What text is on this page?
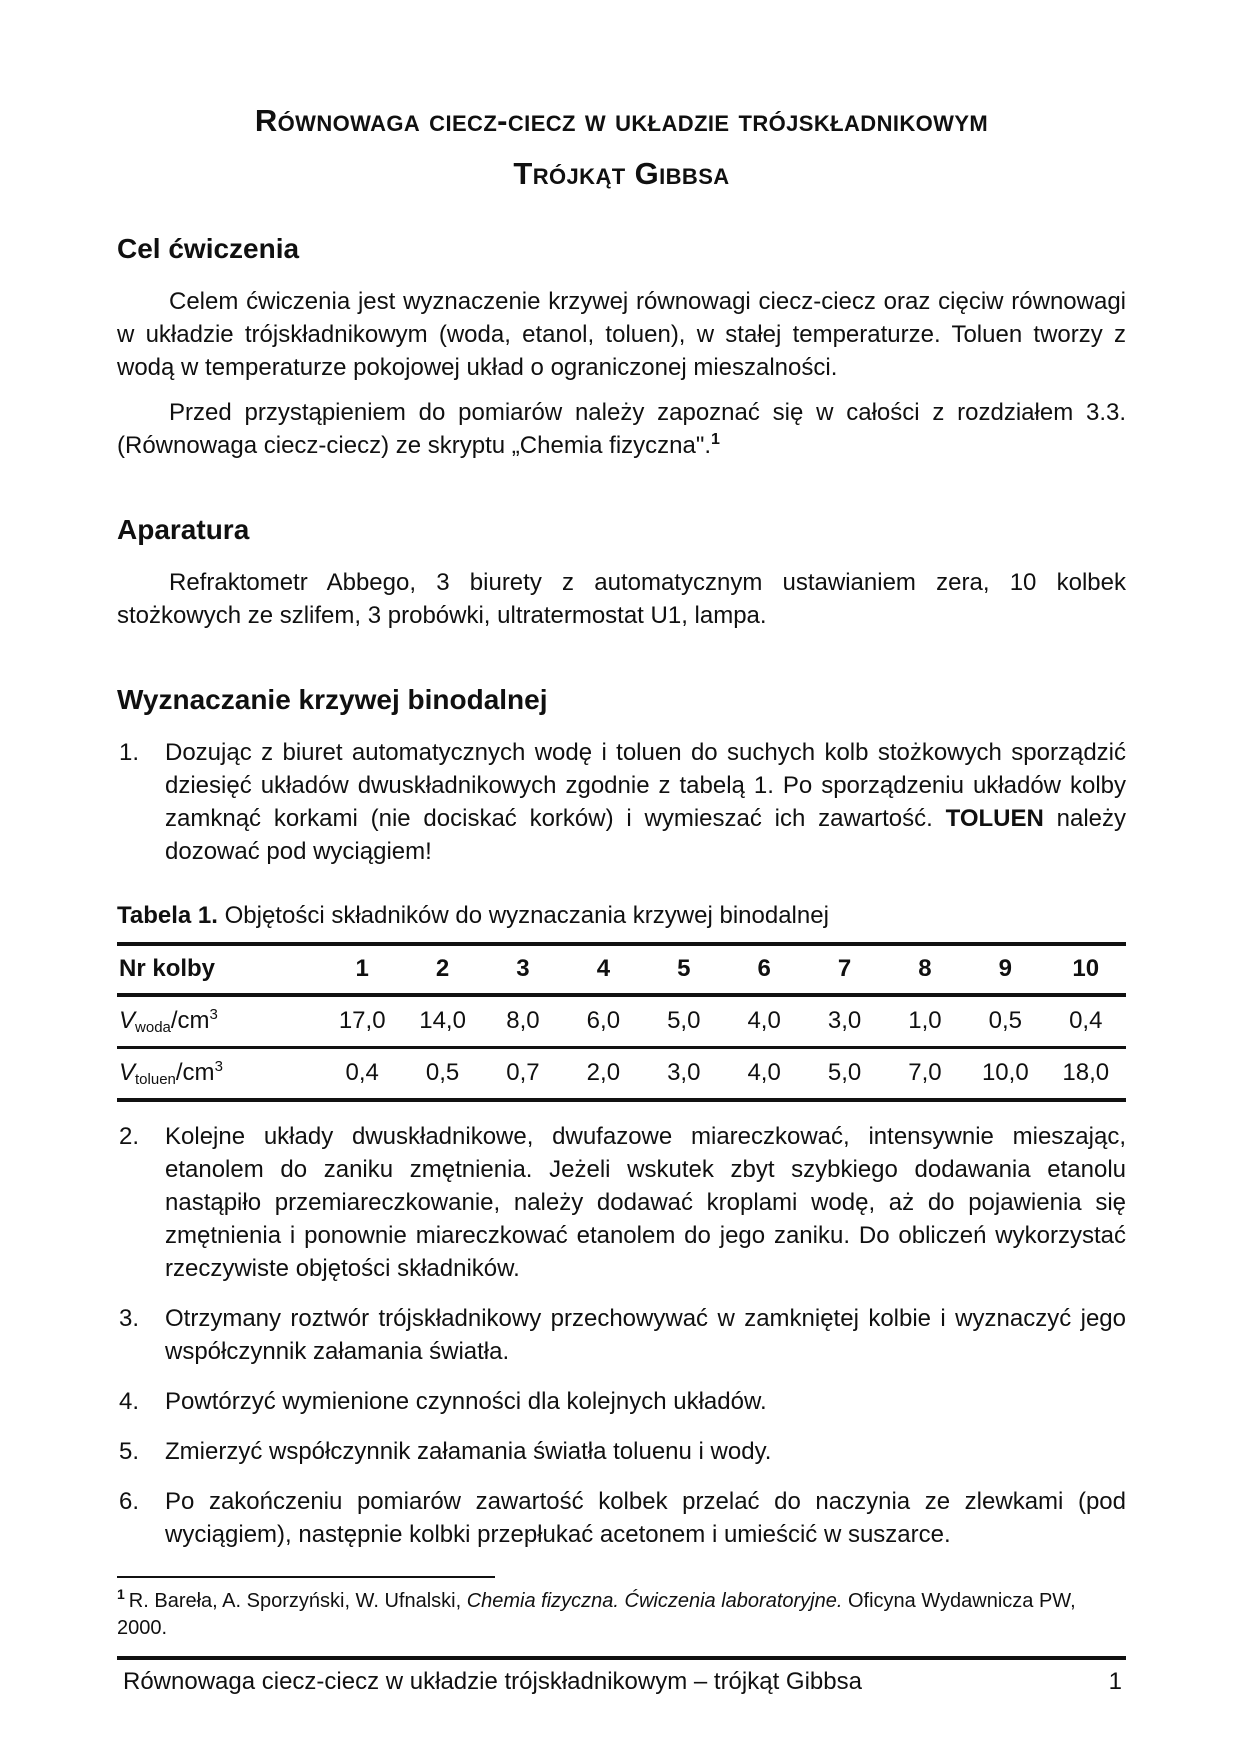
Równowaga ciecz-ciecz w układzie trójskładnikowym
Trójkąt Gibbsa
Cel ćwiczenia

Celem ćwiczenia jest wyznaczenie krzywej równowagi ciecz-ciecz oraz cięciw równowagi w układzie trójskładnikowym (woda, etanol, toluen), w stałej temperaturze. Toluen tworzy z wodą w temperaturze pokojowej układ o ograniczonej mieszalności.

Przed przystąpieniem do pomiarów należy zapoznać się w całości z rozdziałem 3.3. (Równowaga ciecz-ciecz) ze skryptu „Chemia fizyczna".$^1$

Aparatura

Refraktometr Abbego, 3 biurety z automatycznym ustawianiem zera, 10 kolbek stożkowych ze szlifem, 3 probówki, ultratermostat U1, lampa.

Wyznaczanie krzywej binodalnej
1. Dozując z biuret automatycznych wodę i toluen do suchych kolb stożkowych sporządzić dziesięć układów dwuskładnikowych zgodnie z tabelą 1. Po sporządzeniu układów kolby zamknąć korkami (nie dociskać korków) i wymieszać ich zawartość. TOLUEN należy dozować pod wyciągiem!
Tabela 1. Objętości składników do wyznaczania krzywej binodalnej
Nr kolby	1	2	3	4	5	6	7	8	9	10
$V_{woda}/cm^3$	17,0	14,0	8,0	6,0	5,0	4,0	3,0	1,0	0,5	0,4
$V_{toluen}/cm^3$	0,4	0,5	0,7	2,0	3,0	4,0	5,0	7,0	10,0	18,0
2. Kolejne układy dwuskładnikowe, dwufazowe miareczkować, intensywnie mieszając, etanolem do zaniku zmętnienia. Jeżeli wskutek zbyt szybkiego dodawania etanolu nastąpiło przemiareczkowanie, należy dodawać kroplami wodę, aż do pojawienia się zmętnienia i ponownie miareczkować etanolem do jego zaniku. Do obliczeń wykorzystać rzeczywiste objętości składników.
3. Otrzymany roztwór trójskładnikowy przechowywać w zamkniętej kolbie i wyznaczyć jego współczynnik załamania światła.
4. Powtórzyć wymienione czynności dla kolejnych układów.
5. Zmierzyć współczynnik załamania światła toluenu i wody.
6. Po zakończeniu pomiarów zawartość kolbek przelać do naczynia ze zlewkami (pod wyciągiem), następnie kolbki przepłukać acetonem i umieścić w suszarce.

$^1$ R. Bareła, A. Sporzyński, W. Ufnalski, Chemia fizyczna. Ćwiczenia laboratoryjne. Oficyna Wydawnicza PW, 2000.

Równowaga ciecz-ciecz w układzie trójskładnikowym – trójkąt Gibbsa	1
